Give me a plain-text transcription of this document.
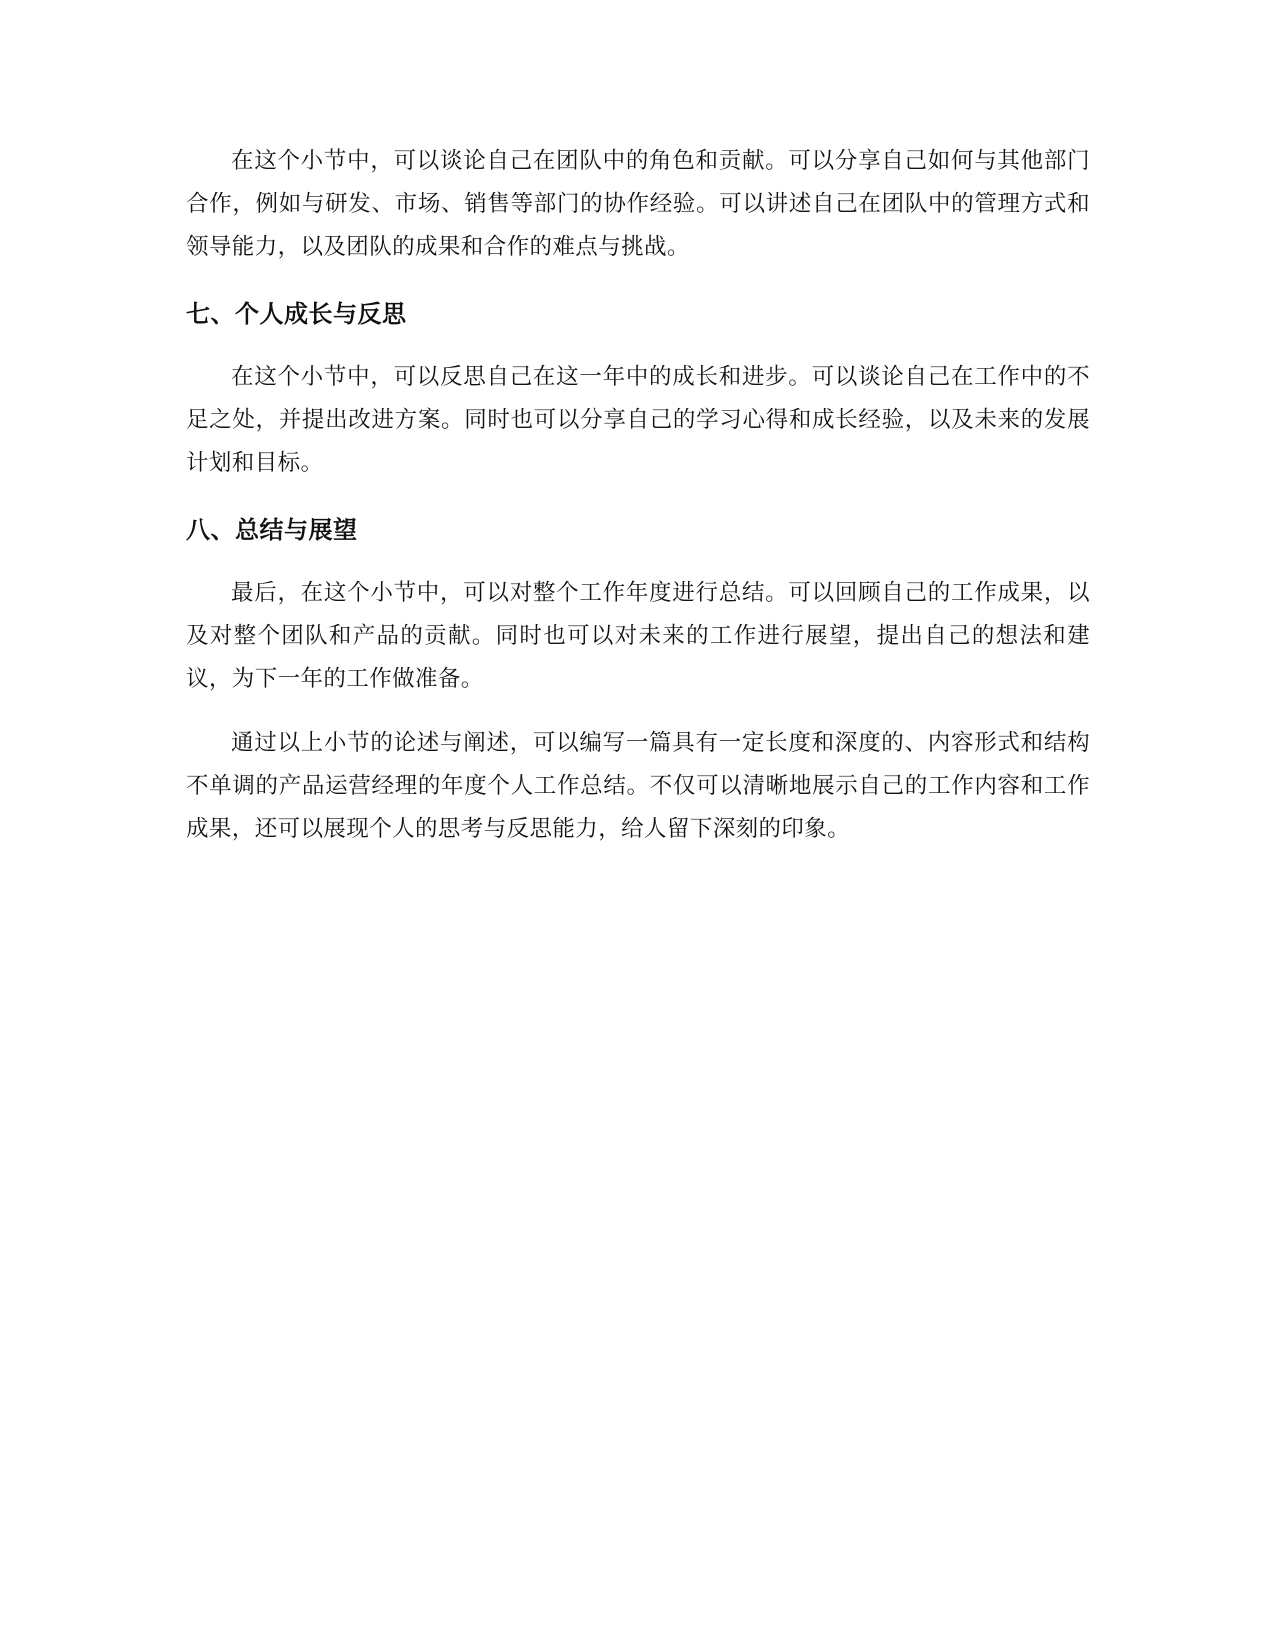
在这个小节中，可以谈论自己在团队中的角色和贡献。可以分享自己如何与其他部门合作，例如与研发、市场、销售等部门的协作经验。可以讲述自己在团队中的管理方式和领导能力，以及团队的成果和合作的难点与挑战。

七、个人成长与反思

在这个小节中，可以反思自己在这一年中的成长和进步。可以谈论自己在工作中的不足之处，并提出改进方案。同时也可以分享自己的学习心得和成长经验，以及未来的发展计划和目标。

八、总结与展望

最后，在这个小节中，可以对整个工作年度进行总结。可以回顾自己的工作成果，以及对整个团队和产品的贡献。同时也可以对未来的工作进行展望，提出自己的想法和建议，为下一年的工作做准备。

通过以上小节的论述与阐述，可以编写一篇具有一定长度和深度的、内容形式和结构不单调的产品运营经理的年度个人工作总结。不仅可以清晰地展示自己的工作内容和工作成果，还可以展现个人的思考与反思能力，给人留下深刻的印象。
